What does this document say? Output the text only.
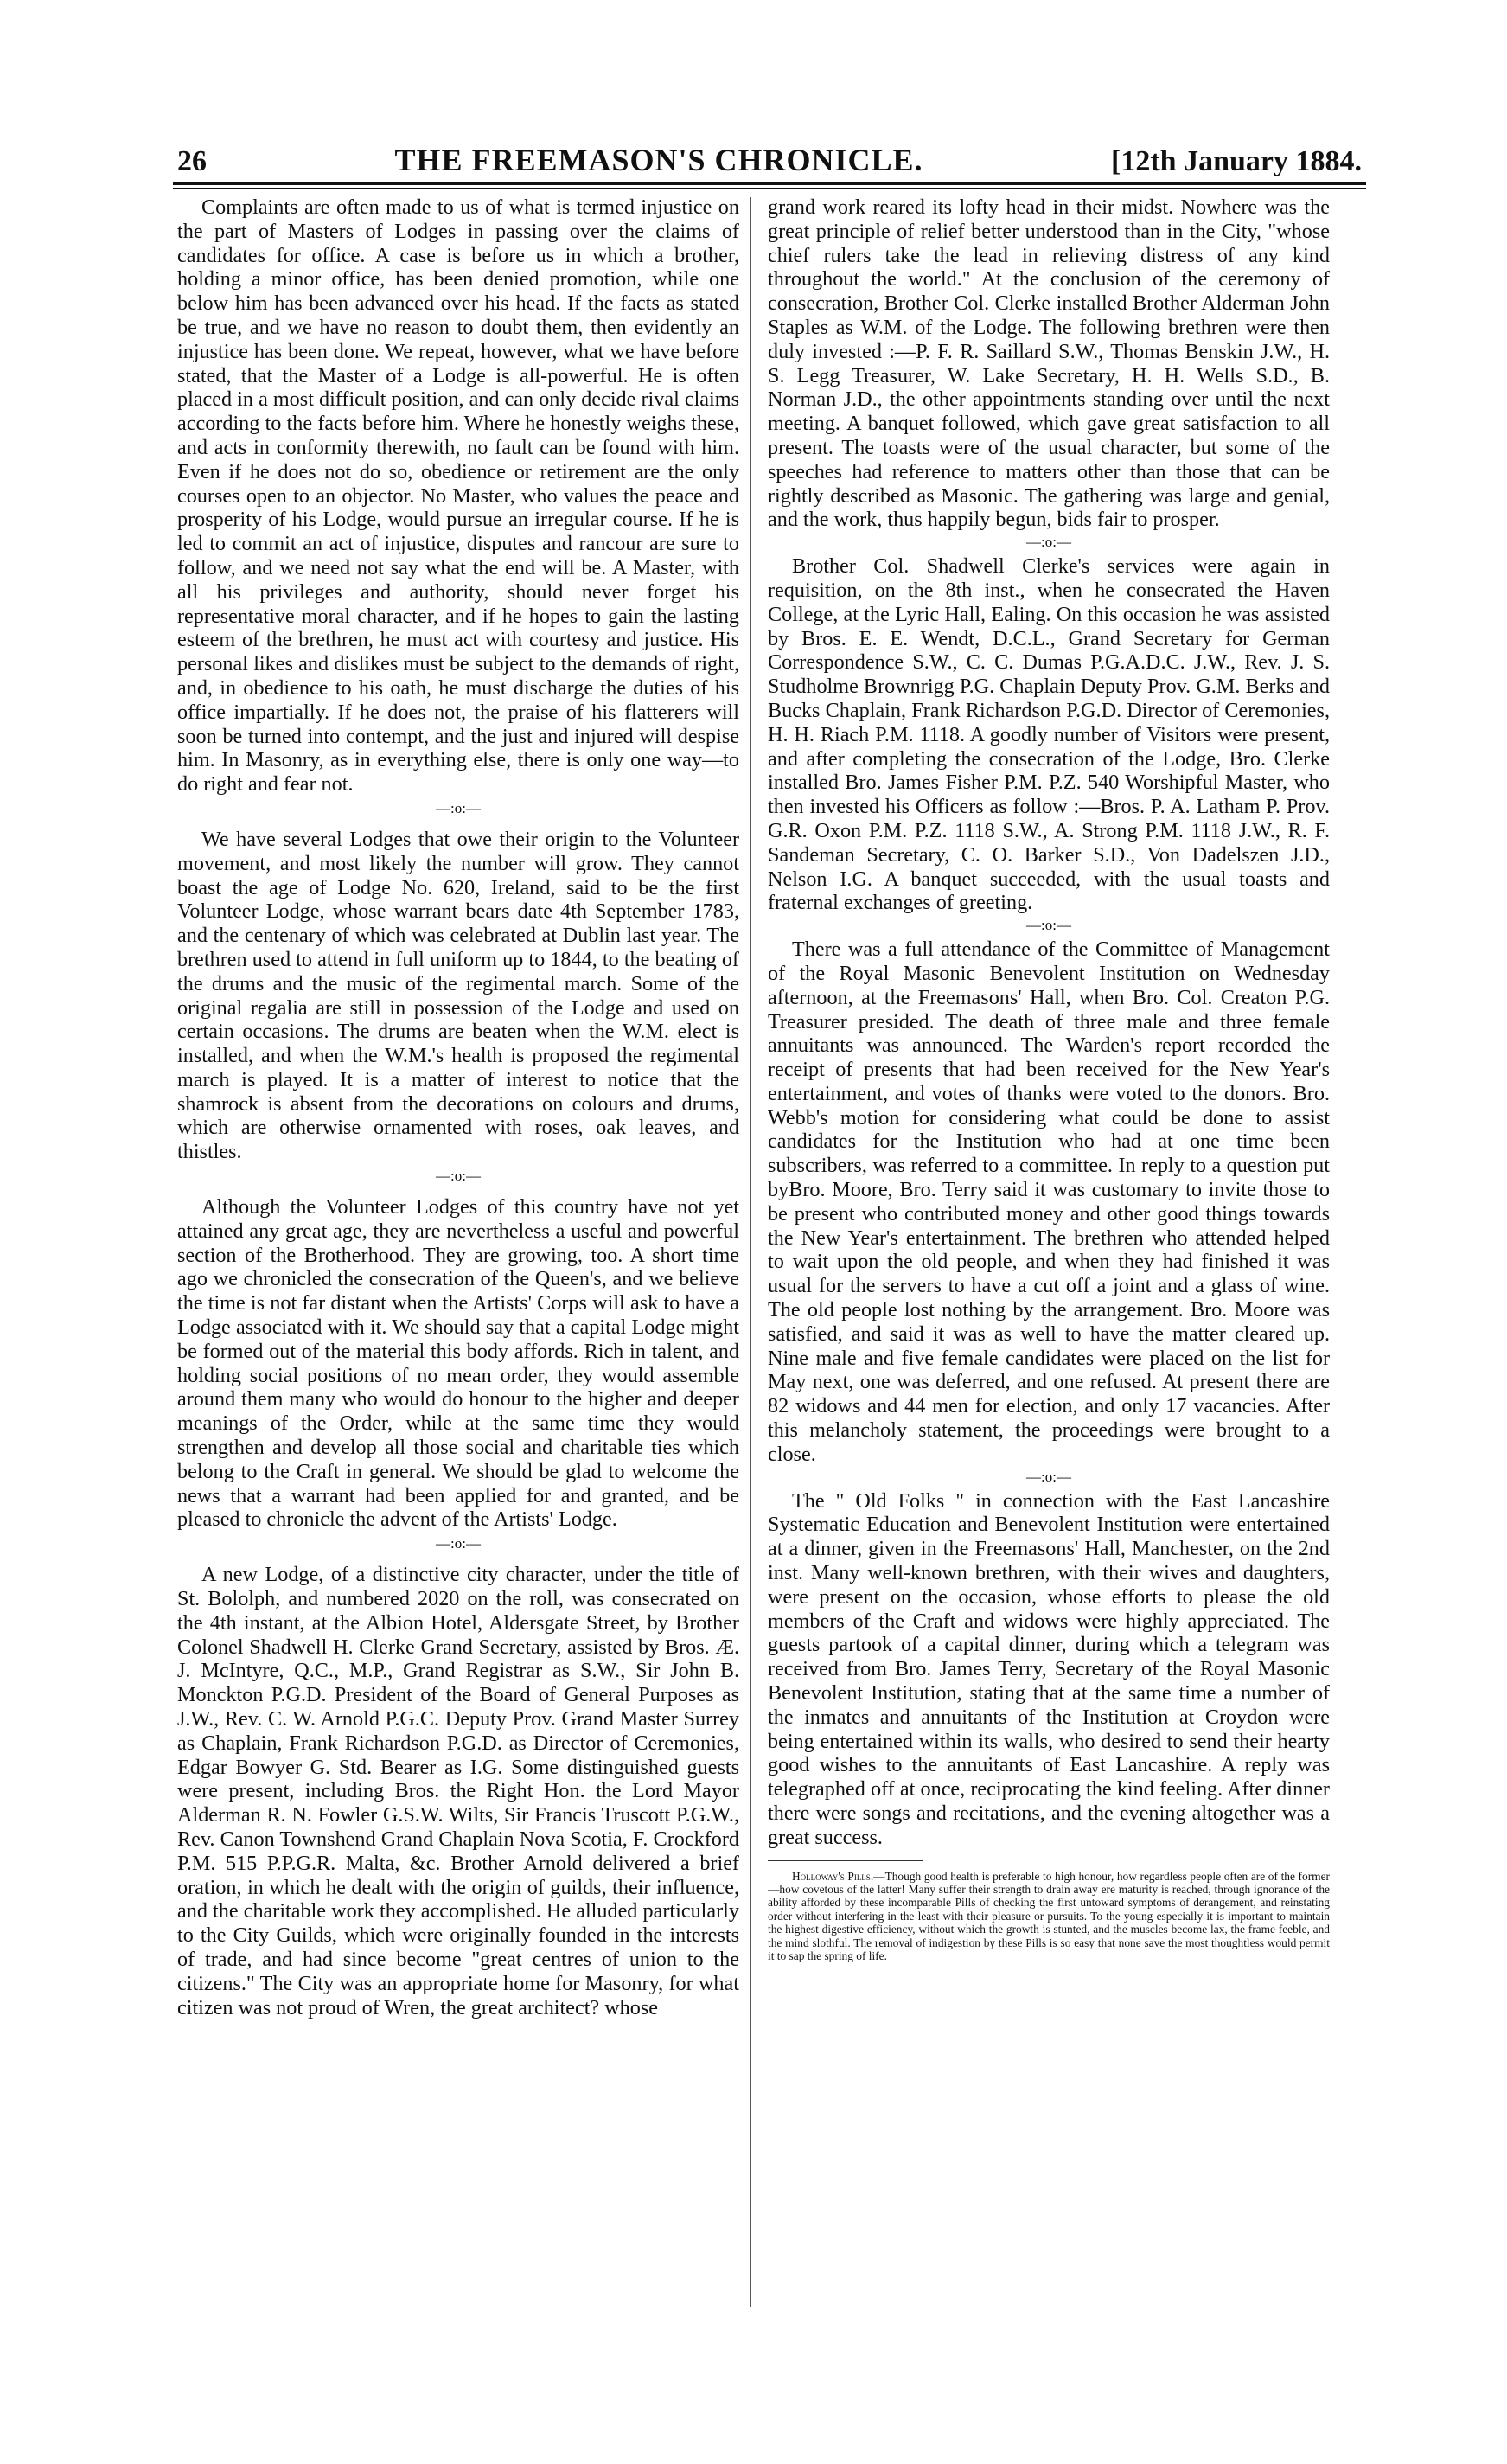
26	THE FREEMASON'S CHRONICLE.	[12th January 1884.

Complaints are often made to us of what is termed injustice on the part of Masters of Lodges in passing over the claims of candidates for office. A case is before us in which a brother, holding a minor office, has been denied promotion, while one below him has been advanced over his head. If the facts as stated be true, and we have no reason to doubt them, then evidently an injustice has been done. We repeat, however, what we have before stated, that the Master of a Lodge is all-powerful. He is often placed in a most difficult position, and can only decide rival claims according to the facts before him. Where he honestly weighs these, and acts in conformity therewith, no fault can be found with him. Even if he does not do so, obedience or retirement are the only courses open to an objector. No Master, who values the peace and prosperity of his Lodge, would pursue an irregular course. If he is led to commit an act of injustice, disputes and rancour are sure to follow, and we need not say what the end will be. A Master, with all his privileges and authority, should never forget his representative moral character, and if he hopes to gain the lasting esteem of the brethren, he must act with courtesy and justice. His personal likes and dislikes must be subject to the demands of right, and, in obedience to his oath, he must discharge the duties of his office impartially. If he does not, the praise of his flatterers will soon be turned into contempt, and the just and injured will despise him. In Masonry, as in everything else, there is only one way—to do right and fear not.

—:o:—

We have several Lodges that owe their origin to the Volunteer movement, and most likely the number will grow. They cannot boast the age of Lodge No. 620, Ireland, said to be the first Volunteer Lodge, whose warrant bears date 4th September 1783, and the centenary of which was celebrated at Dublin last year. The brethren used to attend in full uniform up to 1844, to the beating of the drums and the music of the regimental march. Some of the original regalia are still in possession of the Lodge and used on certain occasions. The drums are beaten when the W.M. elect is installed, and when the W.M.'s health is proposed the regimental march is played. It is a matter of interest to notice that the shamrock is absent from the decorations on colours and drums, which are otherwise ornamented with roses, oak leaves, and thistles.

—:o:—

Although the Volunteer Lodges of this country have not yet attained any great age, they are nevertheless a useful and powerful section of the Brotherhood. They are growing, too. A short time ago we chronicled the consecration of the Queen's, and we believe the time is not far distant when the Artists' Corps will ask to have a Lodge associated with it. We should say that a capital Lodge might be formed out of the material this body affords. Rich in talent, and holding social positions of no mean order, they would assemble around them many who would do honour to the higher and deeper meanings of the Order, while at the same time they would strengthen and develop all those social and charitable ties which belong to the Craft in general. We should be glad to welcome the news that a warrant had been applied for and granted, and be pleased to chronicle the advent of the Artists' Lodge.

—:o:—

A new Lodge, of a distinctive city character, under the title of St. Bololph, and numbered 2020 on the roll, was consecrated on the 4th instant, at the Albion Hotel, Aldersgate Street, by Brother Colonel Shadwell H. Clerke Grand Secretary, assisted by Bros. Æ. J. McIntyre, Q.C., M.P., Grand Registrar as S.W., Sir John B. Monckton P.G.D. President of the Board of General Purposes as J.W., Rev. C. W. Arnold P.G.C. Deputy Prov. Grand Master Surrey as Chaplain, Frank Richardson P.G.D. as Director of Ceremonies, Edgar Bowyer G. Std. Bearer as I.G. Some distinguished guests were present, including Bros. the Right Hon. the Lord Mayor Alderman R. N. Fowler G.S.W. Wilts, Sir Francis Truscott P.G.W., Rev. Canon Townshend Grand Chaplain Nova Scotia, F. Crockford P.M. 515 P.P.G.R. Malta, &c. Brother Arnold delivered a brief oration, in which he dealt with the origin of guilds, their influence, and the charitable work they accomplished. He alluded particularly to the City Guilds, which were originally founded in the interests of trade, and had since become "great centres of union to the citizens." The City was an appropriate home for Masonry, for what citizen was not proud of Wren, the great architect? whose

grand work reared its lofty head in their midst. Nowhere was the great principle of relief better understood than in the City, "whose chief rulers take the lead in relieving distress of any kind throughout the world." At the conclusion of the ceremony of consecration, Brother Col. Clerke installed Brother Alderman John Staples as W.M. of the Lodge. The following brethren were then duly invested :—P. F. R. Saillard S.W., Thomas Benskin J.W., H. S. Legg Treasurer, W. Lake Secretary, H. H. Wells S.D., B. Norman J.D., the other appointments standing over until the next meeting. A banquet followed, which gave great satisfaction to all present. The toasts were of the usual character, but some of the speeches had reference to matters other than those that can be rightly described as Masonic. The gathering was large and genial, and the work, thus happily begun, bids fair to prosper.

—:o:—

Brother Col. Shadwell Clerke's services were again in requisition, on the 8th inst., when he consecrated the Haven College, at the Lyric Hall, Ealing. On this occasion he was assisted by Bros. E. E. Wendt, D.C.L., Grand Secretary for German Correspondence S.W., C. C. Dumas P.G.A.D.C. J.W., Rev. J. S. Studholme Brownrigg P.G. Chaplain Deputy Prov. G.M. Berks and Bucks Chaplain, Frank Richardson P.G.D. Director of Ceremonies, H. H. Riach P.M. 1118. A goodly number of Visitors were present, and after completing the consecration of the Lodge, Bro. Clerke installed Bro. James Fisher P.M. P.Z. 540 Worshipful Master, who then invested his Officers as follow :—Bros. P. A. Latham P. Prov. G.R. Oxon P.M. P.Z. 1118 S.W., A. Strong P.M. 1118 J.W., R. F. Sandeman Secretary, C. O. Barker S.D., Von Dadelszen J.D., Nelson I.G. A banquet succeeded, with the usual toasts and fraternal exchanges of greeting.

—:o:—

There was a full attendance of the Committee of Management of the Royal Masonic Benevolent Institution on Wednesday afternoon, at the Freemasons' Hall, when Bro. Col. Creaton P.G. Treasurer presided. The death of three male and three female annuitants was announced. The Warden's report recorded the receipt of presents that had been received for the New Year's entertainment, and votes of thanks were voted to the donors. Bro. Webb's motion for considering what could be done to assist candidates for the Institution who had at one time been subscribers, was referred to a committee. In reply to a question put byBro. Moore, Bro. Terry said it was customary to invite those to be present who contributed money and other good things towards the New Year's entertainment. The brethren who attended helped to wait upon the old people, and when they had finished it was usual for the servers to have a cut off a joint and a glass of wine. The old people lost nothing by the arrangement. Bro. Moore was satisfied, and said it was as well to have the matter cleared up. Nine male and five female candidates were placed on the list for May next, one was deferred, and one refused. At present there are 82 widows and 44 men for election, and only 17 vacancies. After this melancholy statement, the proceedings were brought to a close.

—:o:—

The " Old Folks " in connection with the East Lancashire Systematic Education and Benevolent Institution were entertained at a dinner, given in the Freemasons' Hall, Manchester, on the 2nd inst. Many well-known brethren, with their wives and daughters, were present on the occasion, whose efforts to please the old members of the Craft and widows were highly appreciated. The guests partook of a capital dinner, during which a telegram was received from Bro. James Terry, Secretary of the Royal Masonic Benevolent Institution, stating that at the same time a number of the inmates and annuitants of the Institution at Croydon were being entertained within its walls, who desired to send their hearty good wishes to the annuitants of East Lancashire. A reply was telegraphed off at once, reciprocating the kind feeling. After dinner there were songs and recitations, and the evening altogether was a great success.

Holloway's Pills.—Though good health is preferable to high honour, how regardless people often are of the former—how covetous of the latter! Many suffer their strength to drain away ere maturity is reached, through ignorance of the ability afforded by these incomparable Pills of checking the first untoward symptoms of derangement, and reinstating order without interfering in the least with their pleasure or pursuits. To the young especially it is important to maintain the highest digestive efficiency, without which the growth is stunted, and the muscles become lax, the frame feeble, and the mind slothful. The removal of indigestion by these Pills is so easy that none save the most thoughtless would permit it to sap the spring of life.
